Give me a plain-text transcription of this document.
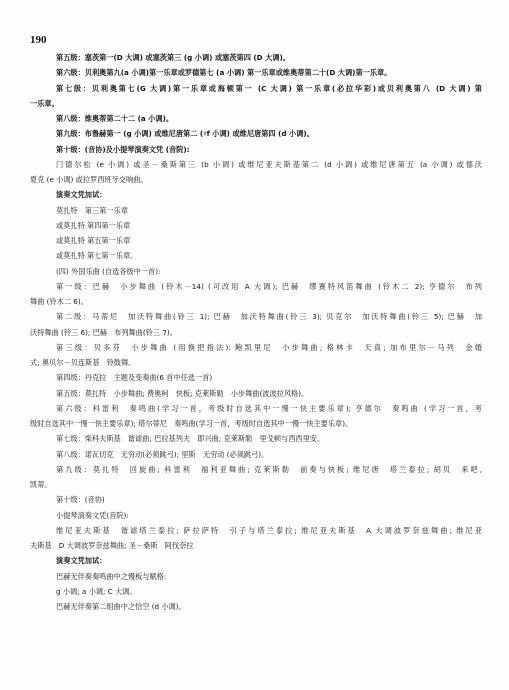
190
第五级：塞茨第一(D 大调) 或塞茨第三 (g 小调) 或塞茨第四 (D 大调)。
第六级：贝利奥第九(a 小调)第一乐章或罗德第七 (a 小调) 第一乐章或维奥蒂第二十(D 大调)第一乐章。
第七级：贝利奥第七(G 大调)第一乐章或海顿第一 (C 大调) 第一乐章(必拉华彩)或贝利奥第八 (D 大调) 第
一乐章。
第八级：维奥蒂第二十二 (a 小调)。
第九级：布鲁赫第一 (g 小调) 或维尼唐第二 (♯f 小调) 或维尼唐第四 (d 小调)。
第十级：(音协)及小提琴演奏文凭 (音院):
门德尔松 (e 小调) 或圣－桑斯第三 (b 小调) 或维尼亚夫斯基第二 (d 小调) 或维尼唐第五 (a 小调) 或德沃
夏克 (e 小调) 或拉罗西班牙交响曲。
演奏文凭加试：
莫扎特　第三第一乐章
或莫扎特 第四第一乐章
或莫扎特 第五第一乐章
或莫扎特 第七第一乐章。
(四) 外国乐曲 (自选各级中一首):
第一级：巴赫　小步舞曲 (铃木－14) (可改用 A 大调); 巴赫　缪赛特风笛舞曲 (铃木二 2); 亨德尔　布列
舞曲 (铃木二 6)。
第二级：马蒂尼　加沃特舞曲(铃三 1); 巴赫　加沃特舞曲(铃三 3); 贝克尔　加沃特舞曲(铃三 5); 巴赫　加
沃特舞曲 (铃三 6); 巴赫　布列舞曲(铃三 7)。
第三级：贝多芬　小步舞曲 (用换把指法): 鲍凯里尼　小步舞曲; 格林卡　天真; 加布里尔－马列　金婚
式; 奥贝尔－贝连斯基　铃鼓舞。
第四级：丹克拉　主题及变奏曲(6 首中任选一首)
第五级：莫扎特　小步舞曲; 费奥柯　快板; 克莱斯勒　小步舞曲(波波拉风格)。
第六级：科雷利　奏鸣曲(学习一首，考级时自选其中一慢一快主要乐章); 亨德尔　奏鸣曲 (学习一首，考
级时自选其中一慢一快主要乐章); 塔尔蒂尼　奏鸣曲(学习一首，考级时自选其中一慢一快主要乐章)。
第七级：柴科夫斯基　谐谑曲; 巴拉基列夫　即兴曲; 克莱斯勒　里戈顿与西西里安。
第八级：诺瓦切克　无穷动(必须跳弓); 里斯　无穷动 (必须跳弓)。
第九级：莫扎特　回旋曲; 科雷利　福利亚舞曲; 克莱斯勒　前奏与快板; 维尼唐　塔兰泰拉; 胡贝　来吧,
凯蒂。
第十级：(音协)
小提琴演奏文凭(音院):
维尼亚夫斯基　谐谑塔兰泰拉; 萨拉萨特　引子与塔兰泰拉; 维尼亚夫斯基　A 大调波罗奈兹舞曲; 维尼亚
夫斯基　D 大调波罗奈兹舞曲; 圣－桑斯　阿伐奈拉
演奏文凭加试：
巴赫无伴奏奏鸣曲中之慢板与赋格:
g 小调; a 小调; C 大调。
巴赫无伴奏第二组曲中之恰空 (d 小调)。
